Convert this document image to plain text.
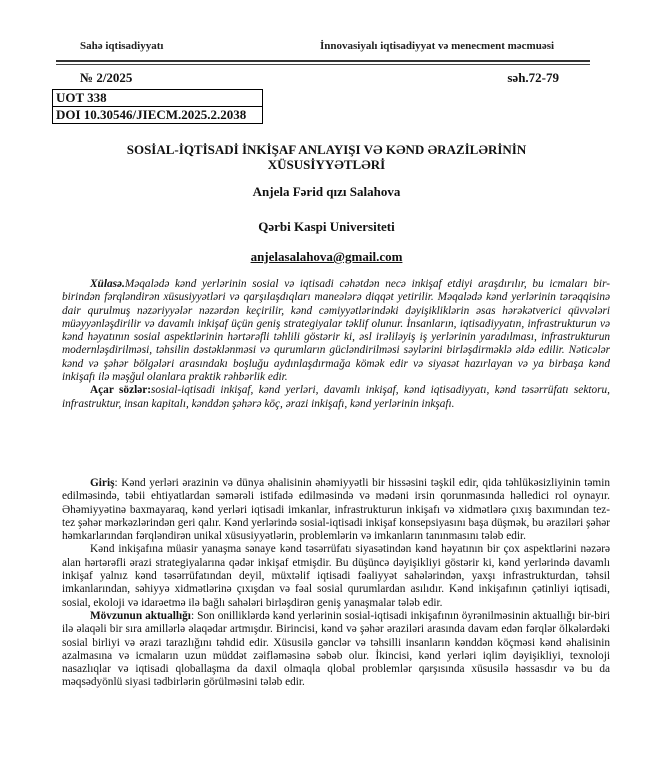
Sahə iqtisadiyyatı	İnnovasiyalı iqtisadiyyat və menecment məcmuəsi
№ 2/2025	səh.72-79
UOT 338
DOI 10.30546/JIECM.2025.2.2038
SOSİAL-İQTİSADİ İNKİŞAF ANLAYIŞI VƏ KƏND ƏRAZİLƏRİNİN
XÜSUSİYYƏTLƏRİ
Anjela Fərid qızı Salahova
Qərbi Kaspi Universiteti
anjelasalahova@gmail.com

Xülasə.Məqalədə kənd yerlərinin sosial və iqtisadi cəhətdən necə inkişaf etdiyi araşdırılır, bu icmaları bir-birindən fərqləndirən xüsusiyyətləri və qarşılaşdıqları maneələrə diqqət yetirilir. Məqalədə kənd yerlərinin tərəqqisinə dair qurulmuş nəzəriyyələr nəzərdən keçirilir, kənd cəmiyyətlərindəki dəyişikliklərin əsas hərəkətverici qüvvələri müəyyənləşdirilir və davamlı inkişaf üçün geniş strategiyalar təklif olunur. İnsanların, iqtisadiyyatın, infrastrukturun və kənd həyatının sosial aspektlərinin hərtərəfli təhlili göstərir ki, əsl irəliləyiş iş yerlərinin yaradılması, infrastrukturun modernləşdirilməsi, təhsilin dəstəklənməsi və qurumların gücləndirilməsi səylərini birləşdirməklə əldə edilir. Nəticələr kənd və şəhər bölgələri arasındakı boşluğu aydınlaşdırmağa kömək edir və siyasət hazırlayan və ya birbaşa kənd inkişafı ilə məşğul olanlara praktik rəhbərlik edir.

Açar sözlər:sosial-iqtisadi inkişaf, kənd yerləri, davamlı inkişaf, kənd iqtisadiyyatı, kənd təsərrüfatı sektoru, infrastruktur, insan kapitalı, kənddən şəhərə köç, ərazi inkişafı, kənd yerlərinin inkşafı.

Giriş: Kənd yerləri ərazinin və dünya əhalisinin əhəmiyyətli bir hissəsini təşkil edir, qida təhlükəsizliyinin təmin edilməsində, təbii ehtiyatlardan səmərəli istifadə edilməsində və mədəni irsin qorunmasında həlledici rol oynayır. Əhəmiyyətinə baxmayaraq, kənd yerləri iqtisadi imkanlar, infrastrukturun inkişafı və xidmətlərə çıxış baxımından tez-tez şəhər mərkəzlərindən geri qalır. Kənd yerlərində sosial-iqtisadi inkişaf konsepsiyasını başa düşmək, bu əraziləri şəhər həmkarlarından fərqləndirən unikal xüsusiyyətlərin, problemlərin və imkanların tanınmasını tələb edir.

Kənd inkişafına müasir yanaşma sənaye kənd təsərrüfatı siyasətindən kənd həyatının bir çox aspektlərini nəzərə alan hərtərəfli ərazi strategiyalarına qədər inkişaf etmişdir. Bu düşüncə dəyişikliyi göstərir ki, kənd yerlərində davamlı inkişaf yalnız kənd təsərrüfatından deyil, müxtəlif iqtisadi fəaliyyət sahələrindən, yaxşı infrastrukturdan, təhsil imkanlarından, səhiyyə xidmətlərinə çıxışdan və fəal sosial qurumlardan asılıdır. Kənd inkişafının çətinliyi iqtisadi, sosial, ekoloji və idarəetmə ilə bağlı sahələri birləşdirən geniş yanaşmalar tələb edir.

Mövzunun aktuallığı: Son onilliklərdə kənd yerlərinin sosial-iqtisadi inkişafının öyrənilməsinin aktuallığı bir-biri ilə əlaqəli bir sıra amillərlə əlaqədar artmışdır. Birincisi, kənd və şəhər əraziləri arasında davam edən fərqlər ölkələrdəki sosial birliyi və ərazi tarazlığını təhdid edir. Xüsusilə gənclər və təhsilli insanların kənddən köçməsi kənd əhalisinin azalmasına və icmaların uzun müddət zəifləməsinə səbəb olur. İkincisi, kənd yerləri iqlim dəyişikliyi, texnoloji nasazlıqlar və iqtisadi qloballaşma da daxil olmaqla qlobal problemlər qarşısında xüsusilə həssasdır və bu da məqsədyönlü siyasi tədbirlərin görülməsini tələb edir.
